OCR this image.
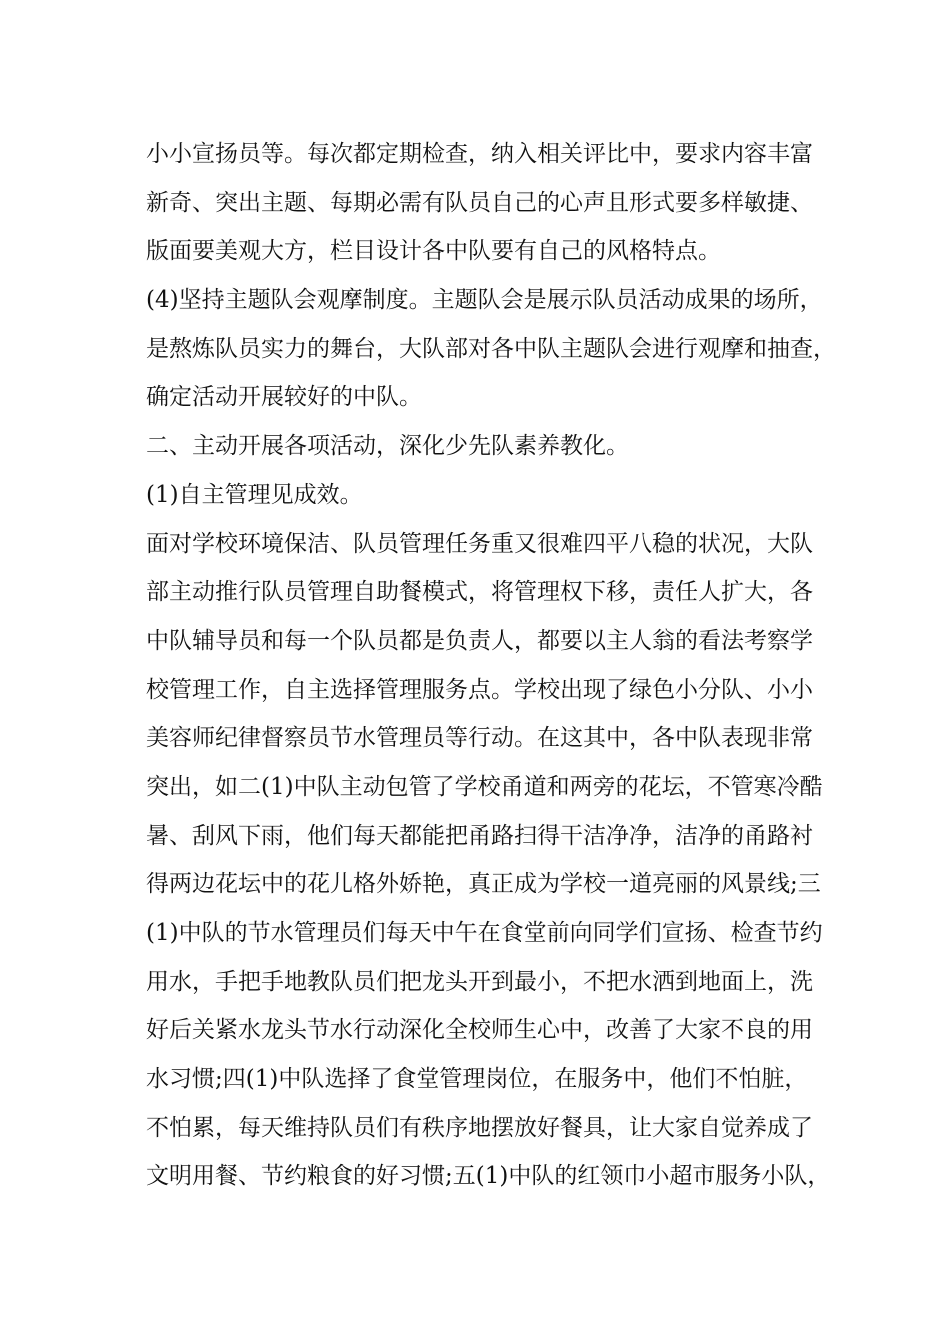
小小宣扬员等。每次都定期检查，纳入相关评比中，要求内容丰富
新奇、突出主题、每期必需有队员自己的心声且形式要多样敏捷、
版面要美观大方，栏目设计各中队要有自己的风格特点。
(4)坚持主题队会观摩制度。主题队会是展示队员活动成果的场所，
是熬炼队员实力的舞台，大队部对各中队主题队会进行观摩和抽查，
确定活动开展较好的中队。
二、主动开展各项活动，深化少先队素养教化。
(1)自主管理见成效。
面对学校环境保洁、队员管理任务重又很难四平八稳的状况，大队
部主动推行队员管理自助餐模式，将管理权下移，责任人扩大，各
中队辅导员和每一个队员都是负责人，都要以主人翁的看法考察学
校管理工作，自主选择管理服务点。学校出现了绿色小分队、小小
美容师纪律督察员节水管理员等行动。在这其中，各中队表现非常
突出，如二(1)中队主动包管了学校甬道和两旁的花坛，不管寒冷酷
暑、刮风下雨，他们每天都能把甬路扫得干洁净净，洁净的甬路衬
得两边花坛中的花儿格外娇艳，真正成为学校一道亮丽的风景线;三
(1)中队的节水管理员们每天中午在食堂前向同学们宣扬、检查节约
用水，手把手地教队员们把龙头开到最小，不把水洒到地面上，洗
好后关紧水龙头节水行动深化全校师生心中，改善了大家不良的用
水习惯;四(1)中队选择了食堂管理岗位，在服务中，他们不怕脏，
不怕累，每天维持队员们有秩序地摆放好餐具，让大家自觉养成了
文明用餐、节约粮食的好习惯;五(1)中队的红领巾小超市服务小队，
